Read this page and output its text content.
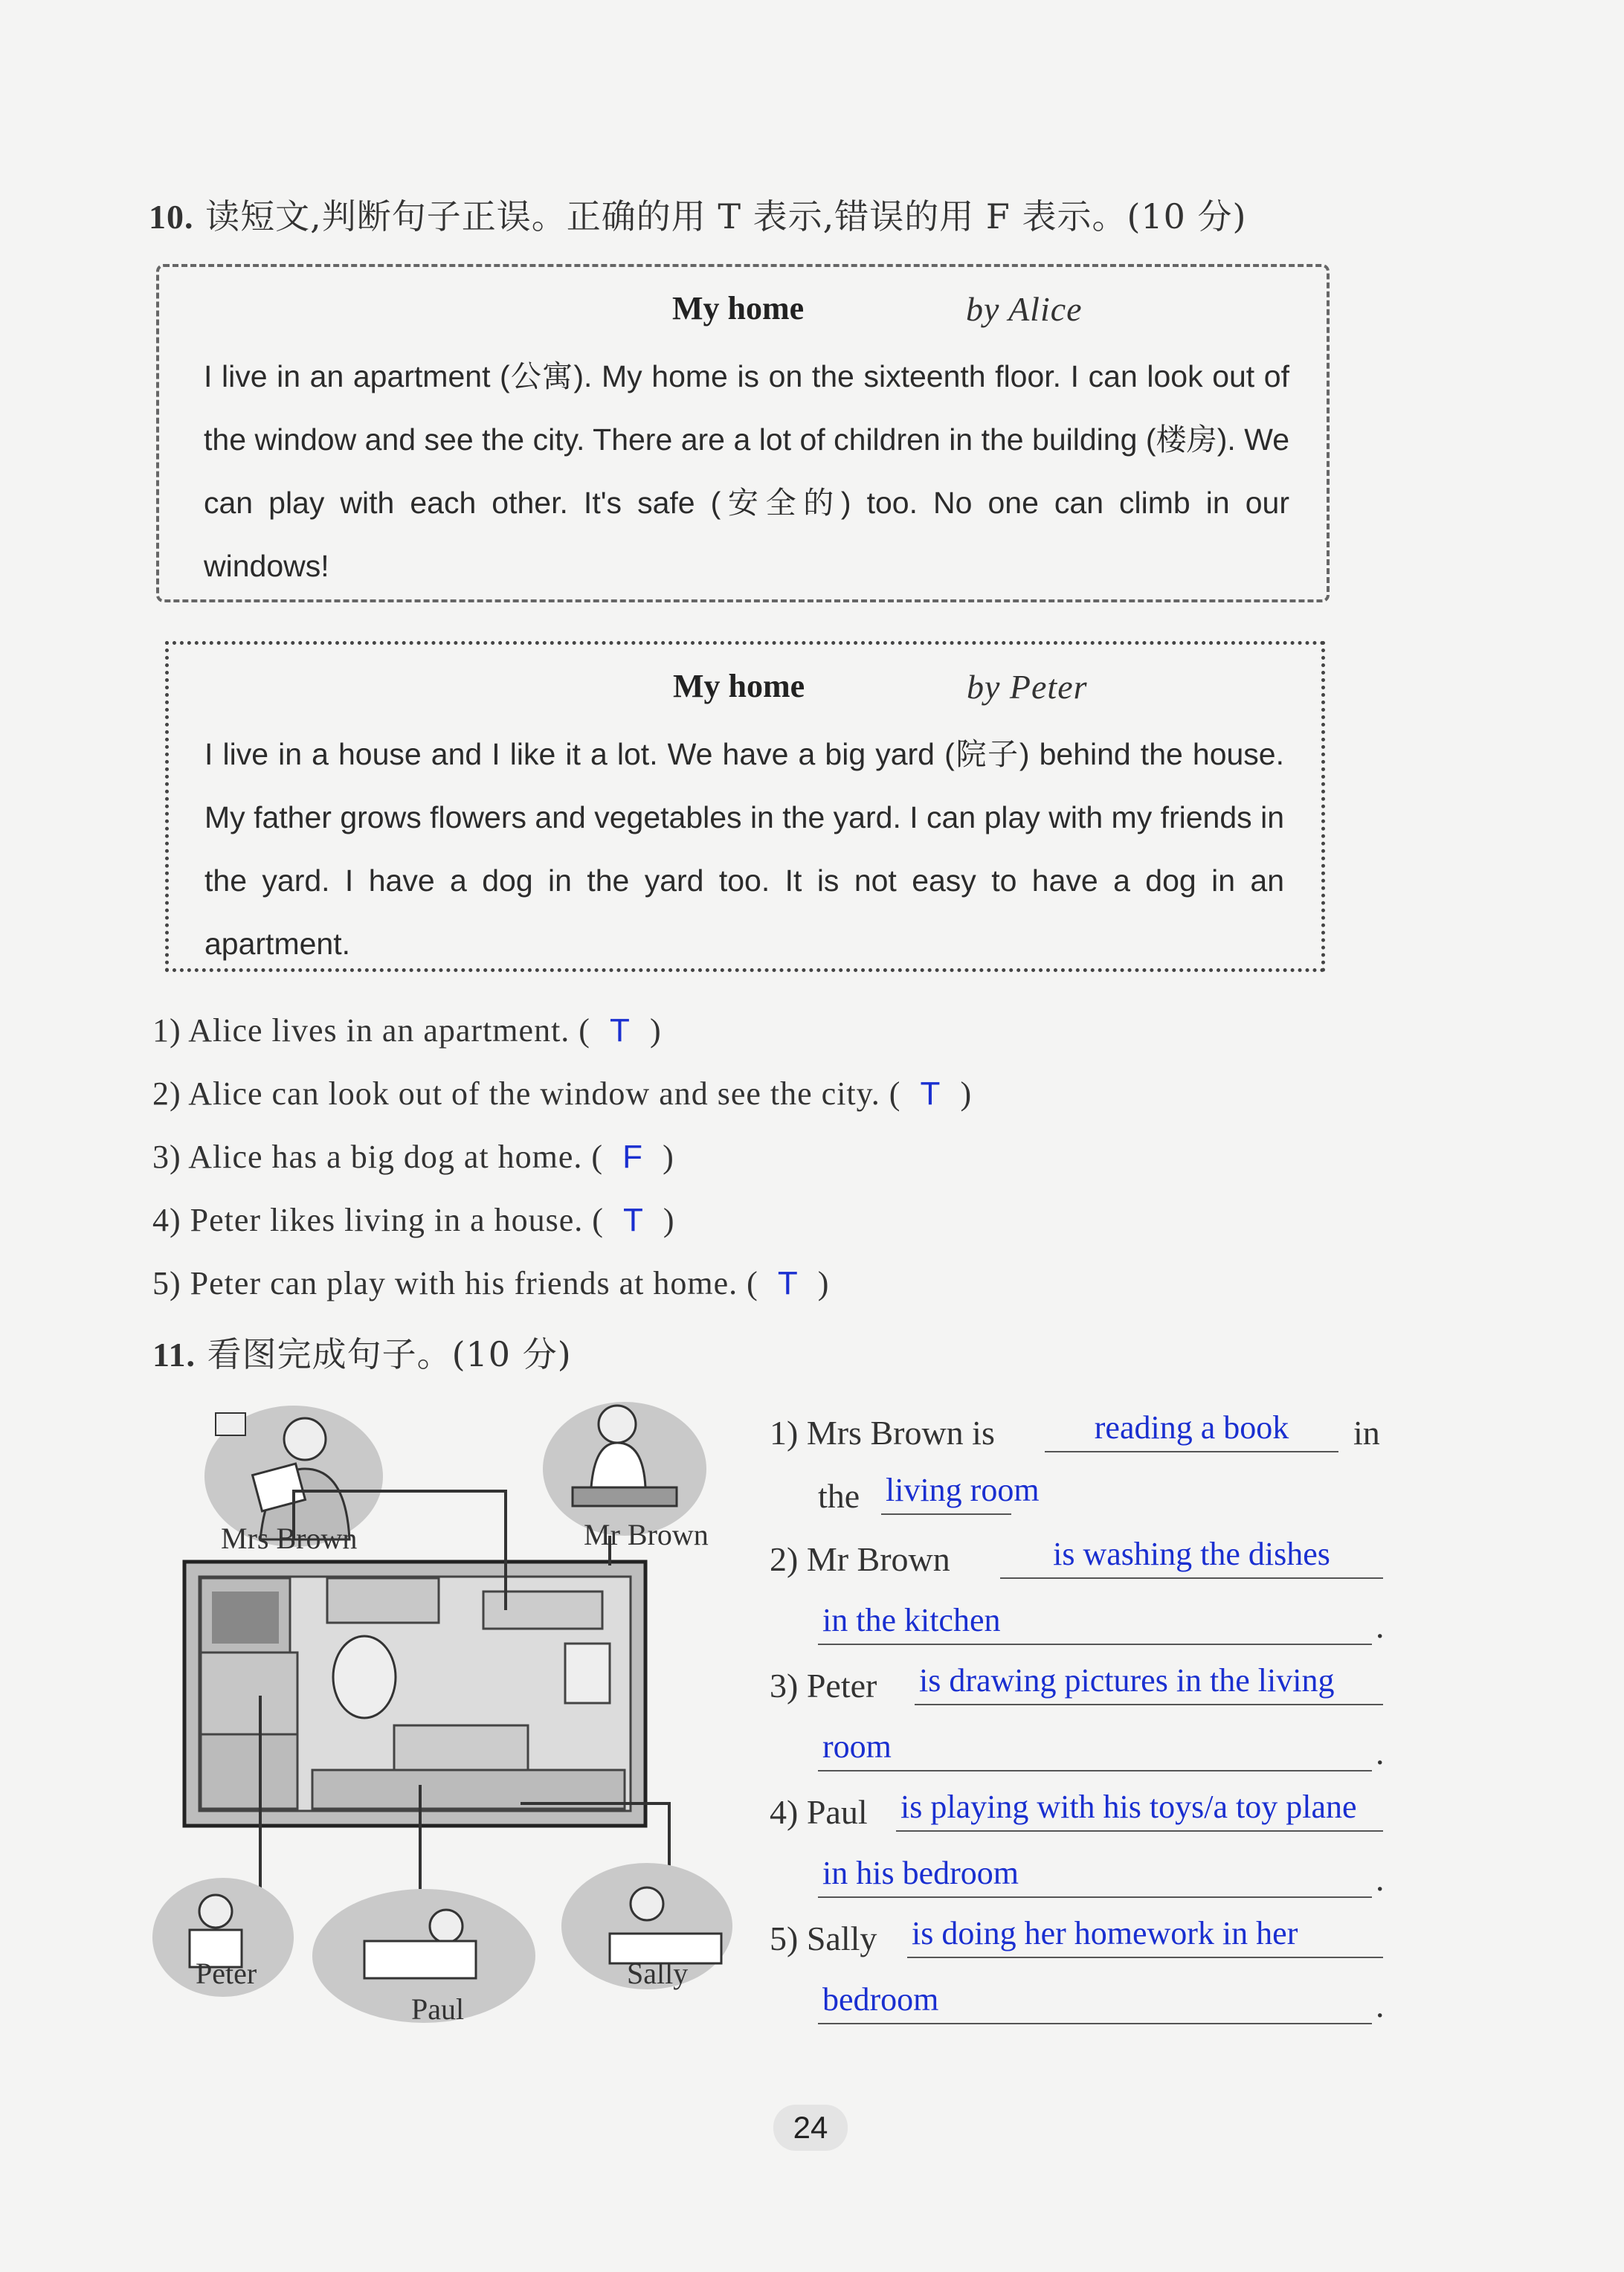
10. 读短文,判断句子正误。正确的用 T 表示,错误的用 F 表示。(10 分)
My home	by Alice
I live in an apartment (公寓). My home is on the sixteenth floor. I can look out of the window and see the city. There are a lot of children in the building (楼房). We can play with each other. It's safe (安全的) too. No one can climb in our windows!
My home	by Peter
I live in a house and I like it a lot. We have a big yard (院子) behind the house. My father grows flowers and vegetables in the yard. I can play with my friends in the yard. I have a dog in the yard too. It is not easy to have a dog in an apartment.
1) Alice lives in an apartment. ( T )
2) Alice can look out of the window and see the city. ( T )
3) Alice has a big dog at home. ( F )
4) Peter likes living in a house. ( T )
5) Peter can play with his friends at home. ( T )
11. 看图完成句子。(10 分)
Mrs Brown	Mr Brown
Peter
Paul
Sally
1) Mrs Brown is	reading a book	in
the living room
2) Mr Brown	is washing the dishes
in the kitchen	.
3) Peter is drawing pictures in the living
room	.
4) Paul is playing with his toys/a toy plane
in his bedroom	.
5) Sally is doing her homework in her
bedroom	.
24
